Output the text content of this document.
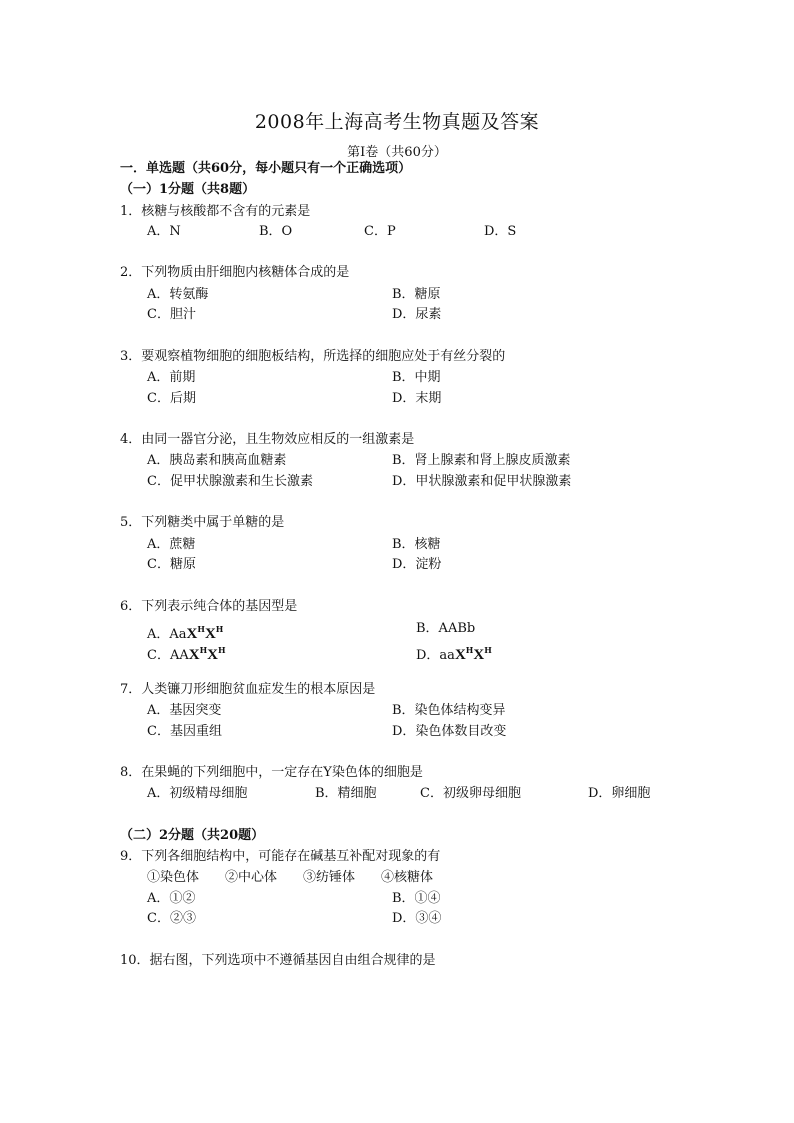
2008年上海高考生物真题及答案
第Ⅰ卷（共60分）
一．单选题（共60分，每小题只有一个正确选项）
（一）1分题（共8题）
1．核糖与核酸都不含有的元素是
A．N	B．O	C．P	D．S
2．下列物质由肝细胞内核糖体合成的是
A．转氨酶	B．糖原
C．胆汁	D．尿素
3．要观察植物细胞的细胞板结构，所选择的细胞应处于有丝分裂的
A．前期	B．中期
C．后期	D．末期
4．由同一器官分泌，且生物效应相反的一组激素是
A．胰岛素和胰高血糖素	B．肾上腺素和肾上腺皮质激素
C．促甲状腺激素和生长激素	D．甲状腺激素和促甲状腺激素
5．下列糖类中属于单糖的是
A．蔗糖	B．核糖
C．糖原	D．淀粉
6．下列表示纯合体的基因型是
A．$AaX^HX^H$	B．AABb
C．$AAX^HX^H$	D．$aaX^HX^H$
7．人类镰刀形细胞贫血症发生的根本原因是
A．基因突变	B．染色体结构变异
C．基因重组	D．染色体数目改变
8．在果蝇的下列细胞中，一定存在Y染色体的细胞是
A．初级精母细胞	B．精细胞	C．初级卵母细胞	D．卵细胞
（二）2分题（共20题）
9．下列各细胞结构中，可能存在碱基互补配对现象的有
①染色体　　②中心体　　③纺锤体　　④核糖体
A．①②	B．①④
C．②③	D．③④
10．据右图，下列选项中不遵循基因自由组合规律的是
